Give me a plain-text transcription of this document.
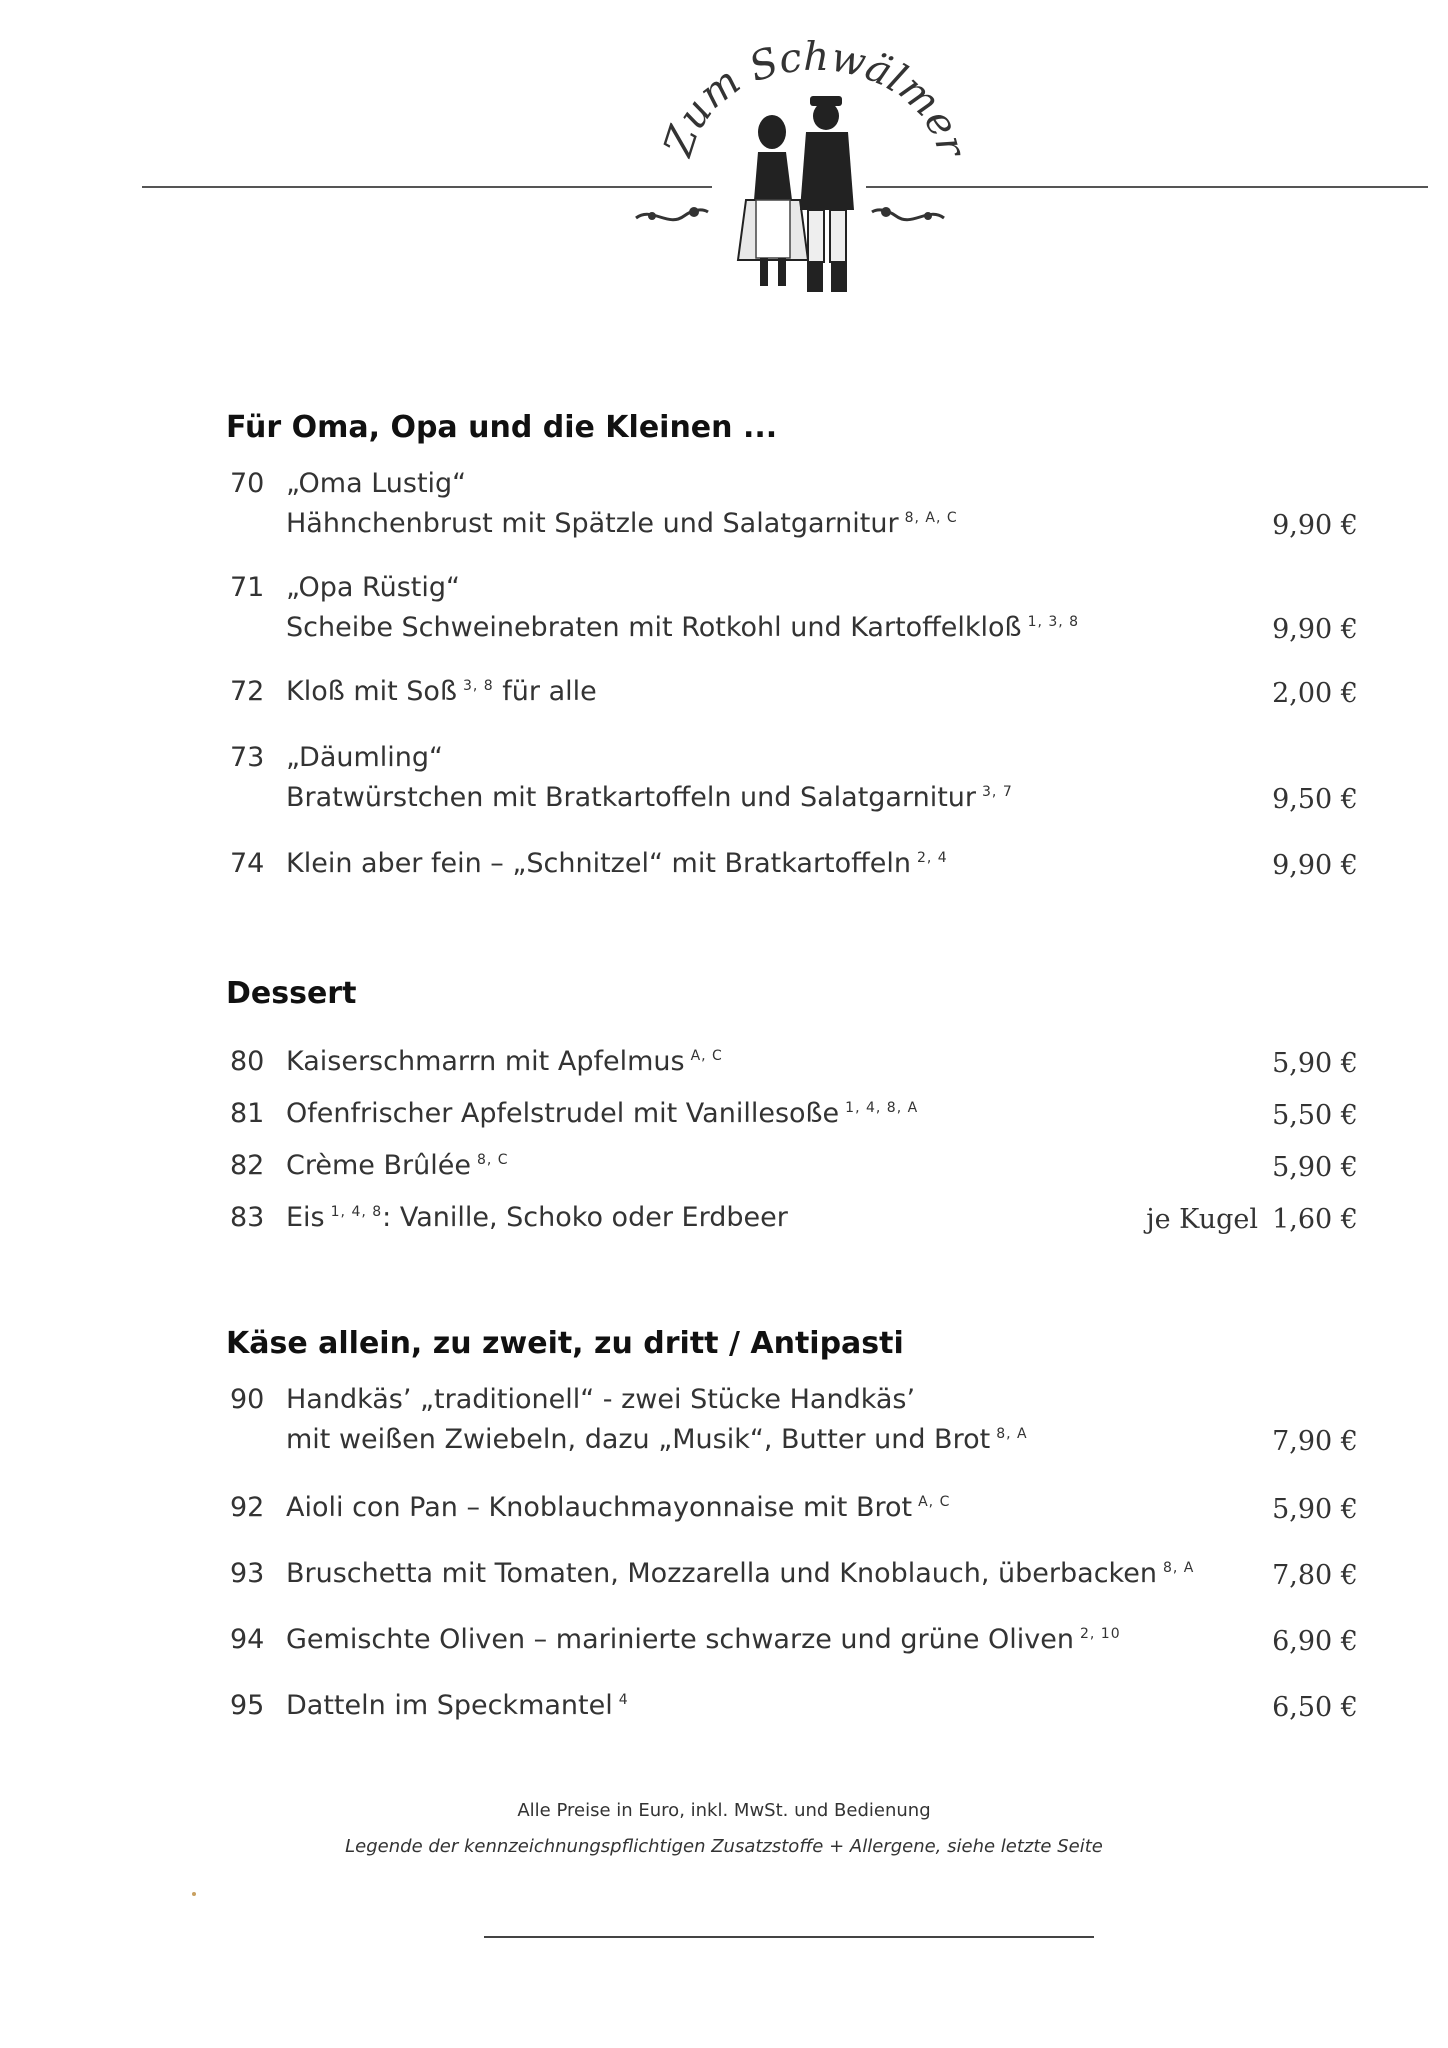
Zum Schwälmer
Für Oma, Opa und die Kleinen ...
70 „Oma Lustig“
Hähnchenbrust mit Spätzle und Salatgarnitur $^{8, A, C}$	9,90 €
71 „Opa Rüstig“
Scheibe Schweinebraten mit Rotkohl und Kartoffelkloß $^{1, 3, 8}$	9,90 €
72 Kloß mit Soß $^{3, 8}$ für alle	2,00 €
73 „Däumling“
Bratwürstchen mit Bratkartoffeln und Salatgarnitur $^{3, 7}$	9,50 €
74 Klein aber fein – „Schnitzel“ mit Bratkartoffeln $^{2, 4}$	9,90 €
Dessert
80 Kaiserschmarrn mit Apfelmus $^{A, C}$	5,90 €
81 Ofenfrischer Apfelstrudel mit Vanillesoße $^{1, 4, 8, A}$	5,50 €
82 Crème Brûlée $^{8, C}$	5,90 €
83 Eis $^{1, 4, 8}$: Vanille, Schoko oder Erdbeer	je Kugel 1,60 €
Käse allein, zu zweit, zu dritt / Antipasti
90 Handkäs’ „traditionell“ - zwei Stücke Handkäs’
mit weißen Zwiebeln, dazu „Musik“, Butter und Brot $^{8, A}$	7,90 €
92 Aioli con Pan – Knoblauchmayonnaise mit Brot $^{A, C}$	5,90 €
93 Bruschetta mit Tomaten, Mozzarella und Knoblauch, überbacken $^{8, A}$	7,80 €
94 Gemischte Oliven – marinierte schwarze und grüne Oliven $^{2, 10}$	6,90 €
95 Datteln im Speckmantel $^4$	6,50 €
Alle Preise in Euro, inkl. MwSt. und Bedienung
Legende der kennzeichnungspflichtigen Zusatzstoffe + Allergene, siehe letzte Seite
